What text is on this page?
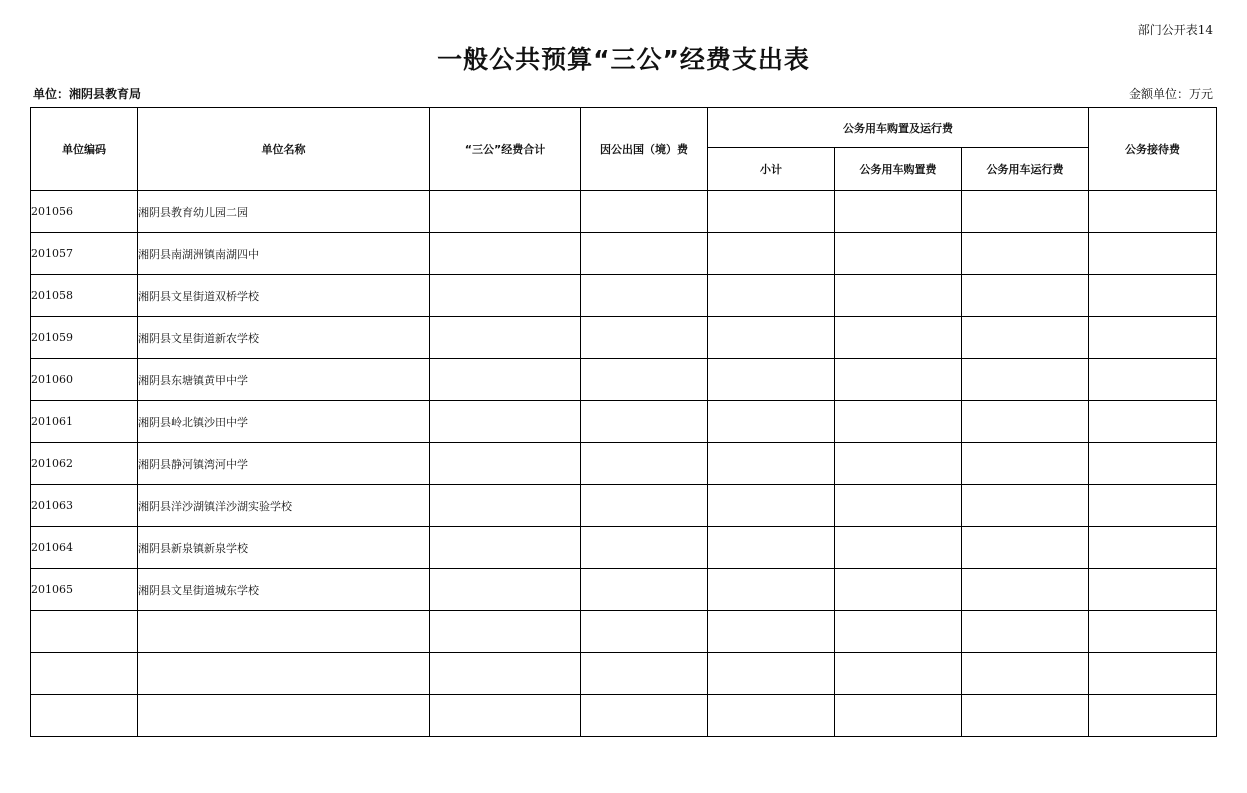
部门公开表14
一般公共预算“三公”经费支出表
单位：湘阴县教育局	金额单位：万元
单位编码	单位名称	“三公”经费合计	因公出国（境）费	公务用车购置及运行费			公务接待费
				小计	公务用车购置费	公务用车运行费	
201056	湘阴县教育幼儿园二园						
201057	湘阴县南湖洲镇南湖四中						
201058	湘阴县文星街道双桥学校						
201059	湘阴县文星街道新农学校						
201060	湘阴县东塘镇黄甲中学						
201061	湘阴县岭北镇沙田中学						
201062	湘阴县静河镇湾河中学						
201063	湘阴县洋沙湖镇洋沙湖实验学校						
201064	湘阴县新泉镇新泉学校						
201065	湘阴县文星街道城东学校						
